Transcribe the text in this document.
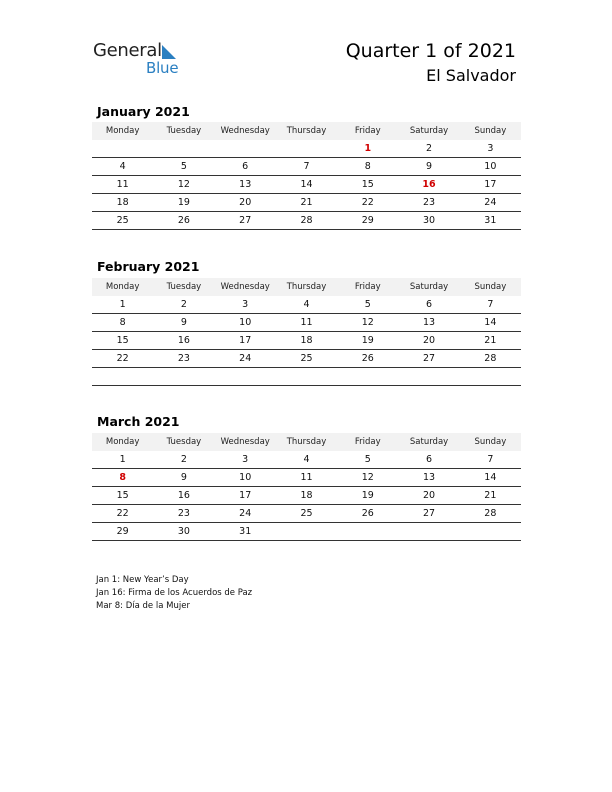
General
Blue
Quarter 1 of 2021
El Salvador
January 2021
Monday	Tuesday	Wednesday	Thursday	Friday	Saturday	Sunday
				1	2	3
4	5	6	7	8	9	10
11	12	13	14	15	16	17
18	19	20	21	22	23	24
25	26	27	28	29	30	31
February 2021
Monday	Tuesday	Wednesday	Thursday	Friday	Saturday	Sunday
1	2	3	4	5	6	7
8	9	10	11	12	13	14
15	16	17	18	19	20	21
22	23	24	25	26	27	28

March 2021
Monday	Tuesday	Wednesday	Thursday	Friday	Saturday	Sunday
1	2	3	4	5	6	7
8	9	10	11	12	13	14
15	16	17	18	19	20	21
22	23	24	25	26	27	28
29	30	31				
Jan 1: New Year’s Day
Jan 16: Firma de los Acuerdos de Paz
Mar 8: Día de la Mujer
